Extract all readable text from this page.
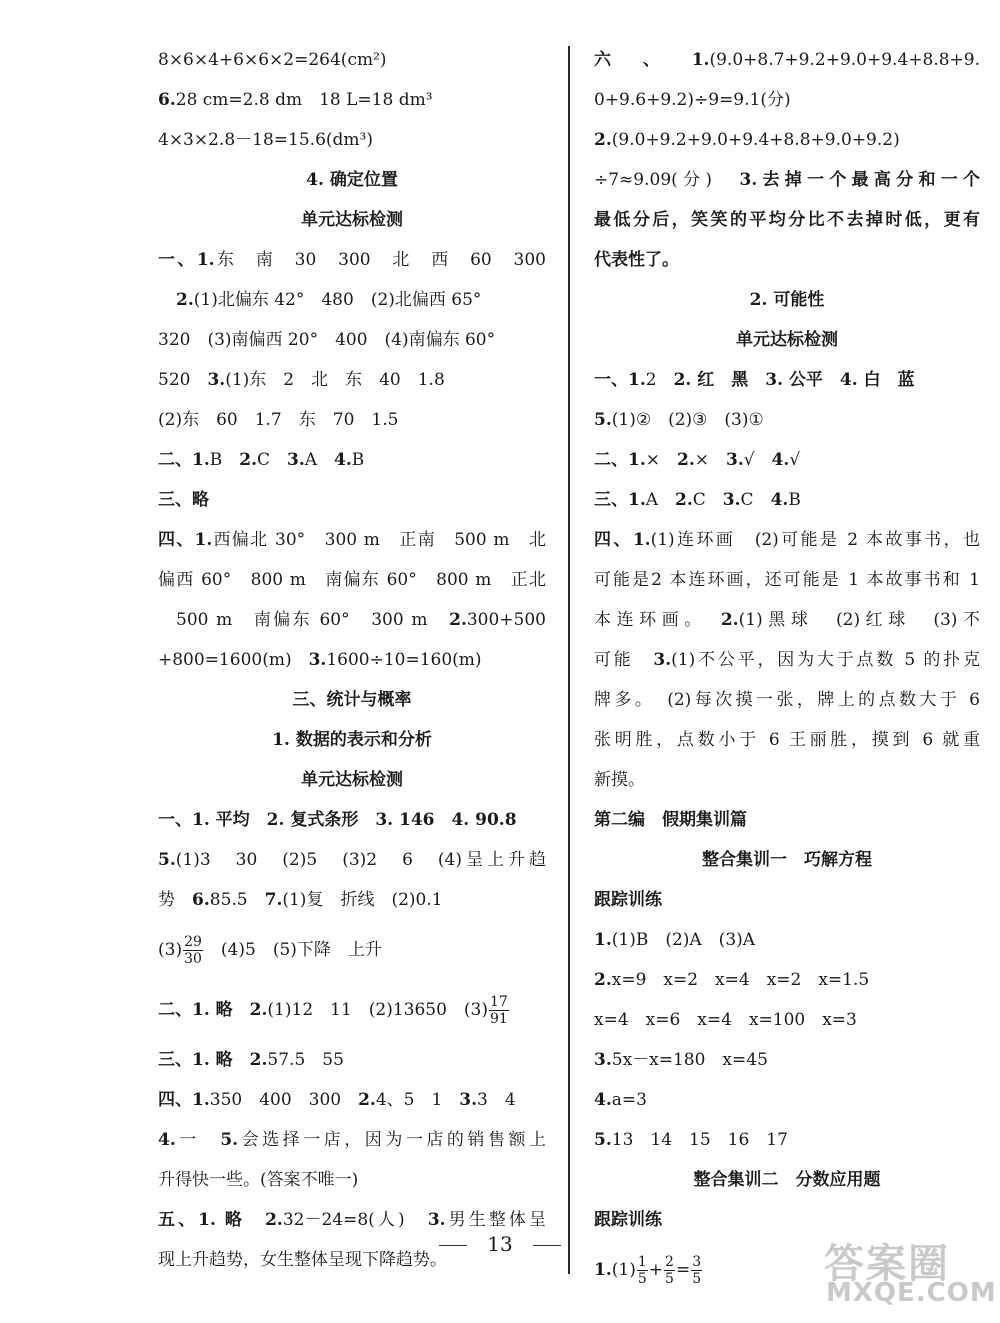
8×6×4+6×6×2=264(cm²)
6.28 cm=2.8 dm　18 L=18 dm³
4×3×2.8－18=15.6(dm³)
4. 确定位置
单元达标检测
一、1.东　南　30　300　北　西　60　300
2.(1)北偏东 42°　480　(2)北偏西 65°
320　(3)南偏西 20°　400　(4)南偏东 60°
520　3.(1)东　2　北　东　40　1.8
(2)东　60　1.7　东　70　1.5
二、1.B　2.C　3.A　4.B
三、略
四、1.西偏北 30°　300 m　正南　500 m　北
偏西 60°　800 m　南偏东 60°　800 m　正北
500 m　南偏东 60°　300 m　2.300+500
+800=1600(m)　3.1600÷10=160(m)
三、统计与概率
1. 数据的表示和分析
单元达标检测
一、1. 平均　2. 复式条形　3. 146　4. 90.8
5.(1)3　30　(2)5　(3)2　6　(4)呈上升趋
势　6.85.5　7.(1)复　折线　(2)0.1
$(3) \frac{29}{30}$ 　(4)5　(5)下降　上升
二、1. 略　2.(1)12　11　(2)13650　$(3) \frac{17}{91}$
三、1. 略　2.57.5　55
四、1.350　400　300　2.4、5　1　3.3　4
4.一　5.会选择一店，因为一店的销售额上
升得快一些。(答案不唯一)
五、1. 略　2.32－24=8(人)　3.男生整体呈
现上升趋势，女生整体呈现下降趋势。
六、1.(9.0+8.7+9.2+9.0+9.4+8.8+9.
0+9.6+9.2)÷9=9.1(分)
2.(9.0+9.2+9.0+9.4+8.8+9.0+9.2)
÷7≈9.09(分)　3.去掉一个最高分和一个
最低分后，笑笑的平均分比不去掉时低，更有
代表性了。
2. 可能性
单元达标检测
一、1.2　2. 红　黑　3. 公平　4. 白　蓝
5.(1)②　(2)③　(3)①
二、1.×　2.×　3.√　4.√
三、1.A　2.C　3.C　4.B
四、1.(1)连环画　(2)可能是 2 本故事书，也
可能是2 本连环画，还可能是 1 本故事书和 1
本连环画。　2.(1)黑球　(2)红球　(3)不
可能　3.(1)不公平，因为大于点数 5 的扑克
牌多。　(2)每次摸一张，牌上的点数大于 6
张明胜，点数小于 6 王丽胜，摸到 6 就重
新摸。
第二编　假期集训篇
整合集训一　巧解方程
跟踪训练
1.(1)B　(2)A　(3)A
2.x=9　x=2　x=4　x=2　x=1.5
x=4　x=6　x=4　x=100　x=3
3.5x－x=180　x=45
4.a=3
5.13　14　15　16　17
整合集训二　分数应用题
跟踪训练
$1.(1) \frac{1}{5} + \frac{2}{5} = \frac{3}{5}$
13	答案圈
MXQE.COM
